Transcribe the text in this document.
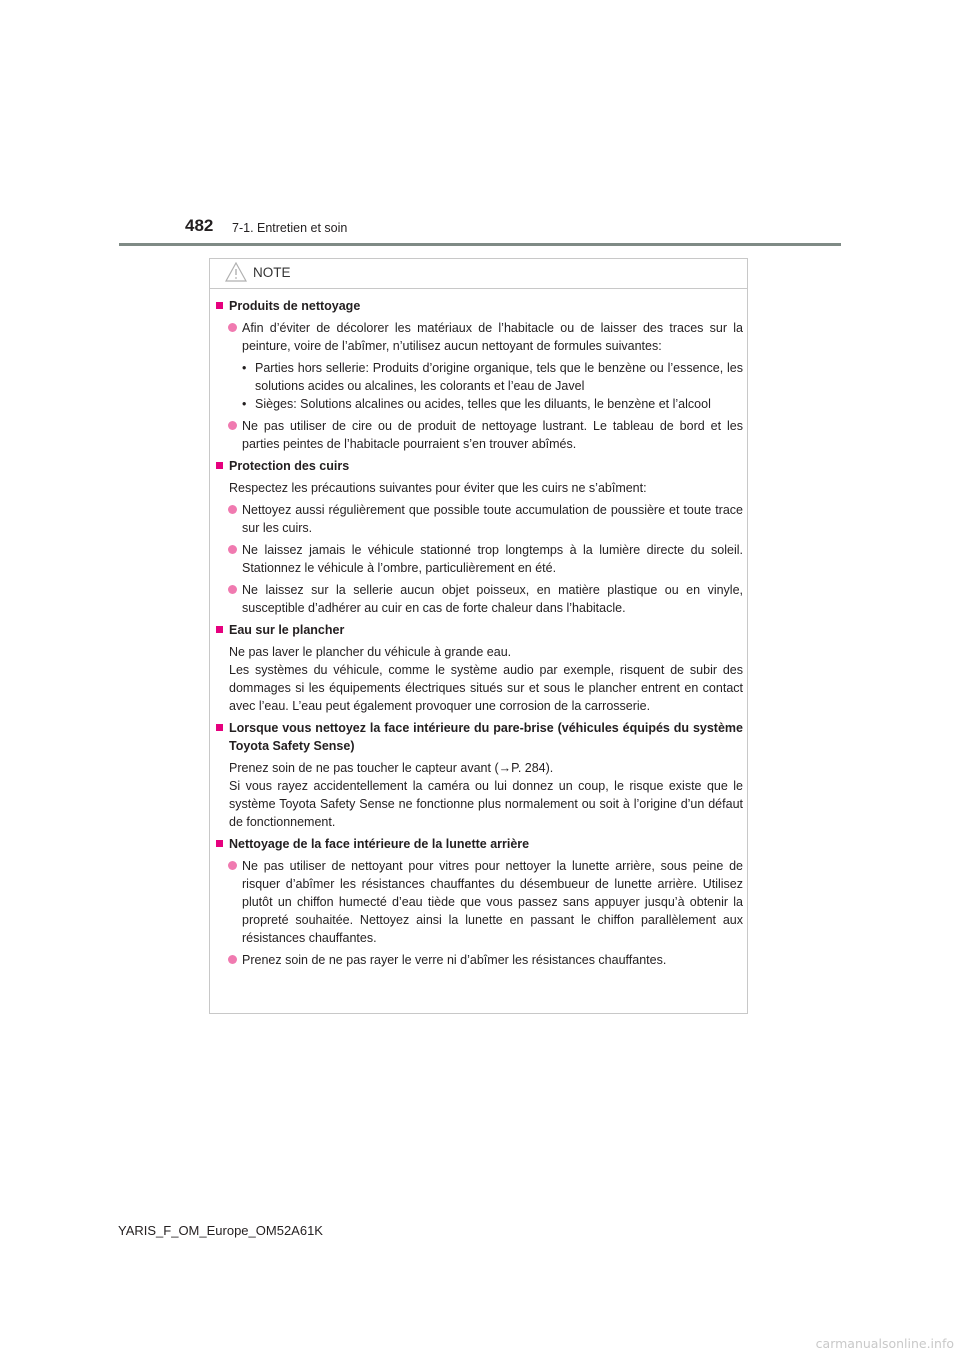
482 7-1. Entretien et soin
NOTE
Produits de nettoyage
Afin d’éviter de décolorer les matériaux de l’habitacle ou de laisser des traces sur la peinture, voire de l’abîmer, n’utilisez aucun nettoyant de formules suivantes:
• Parties hors sellerie: Produits d’origine organique, tels que le benzène ou l’essence, les solutions acides ou alcalines, les colorants et l’eau de Javel
• Sièges: Solutions alcalines ou acides, telles que les diluants, le benzène et l’alcool
Ne pas utiliser de cire ou de produit de nettoyage lustrant. Le tableau de bord et les parties peintes de l’habitacle pourraient s’en trouver abîmés.
Protection des cuirs

Respectez les précautions suivantes pour éviter que les cuirs ne s’abîment:

Nettoyez aussi régulièrement que possible toute accumulation de poussière et toute trace sur les cuirs.
Ne laissez jamais le véhicule stationné trop longtemps à la lumière directe du soleil. Stationnez le véhicule à l’ombre, particulièrement en été.
Ne laissez sur la sellerie aucun objet poisseux, en matière plastique ou en vinyle, susceptible d’adhérer au cuir en cas de forte chaleur dans l’habitacle.
Eau sur le plancher

Ne pas laver le plancher du véhicule à grande eau.

Les systèmes du véhicule, comme le système audio par exemple, risquent de subir des dommages si les équipements électriques situés sur et sous le plancher entrent en contact avec l’eau. L’eau peut également provoquer une corrosion de la carrosserie.

Lorsque vous nettoyez la face intérieure du pare-brise (véhicules équipés du système Toyota Safety Sense)

Prenez soin de ne pas toucher le capteur avant (→P. 284).

Si vous rayez accidentellement la caméra ou lui donnez un coup, le risque existe que le système Toyota Safety Sense ne fonctionne plus normalement ou soit à l’origine d’un défaut de fonctionnement.

Nettoyage de la face intérieure de la lunette arrière
Ne pas utiliser de nettoyant pour vitres pour nettoyer la lunette arrière, sous peine de risquer d’abîmer les résistances chauffantes du désembueur de lunette arrière. Utilisez plutôt un chiffon humecté d’eau tiède que vous passez sans appuyer jusqu’à obtenir la propreté souhaitée. Nettoyez ainsi la lunette en passant le chiffon parallèlement aux résistances chauffantes.
Prenez soin de ne pas rayer le verre ni d’abîmer les résistances chauffantes.
YARIS_F_OM_Europe_OM52A61K
carmanualsonline.info
